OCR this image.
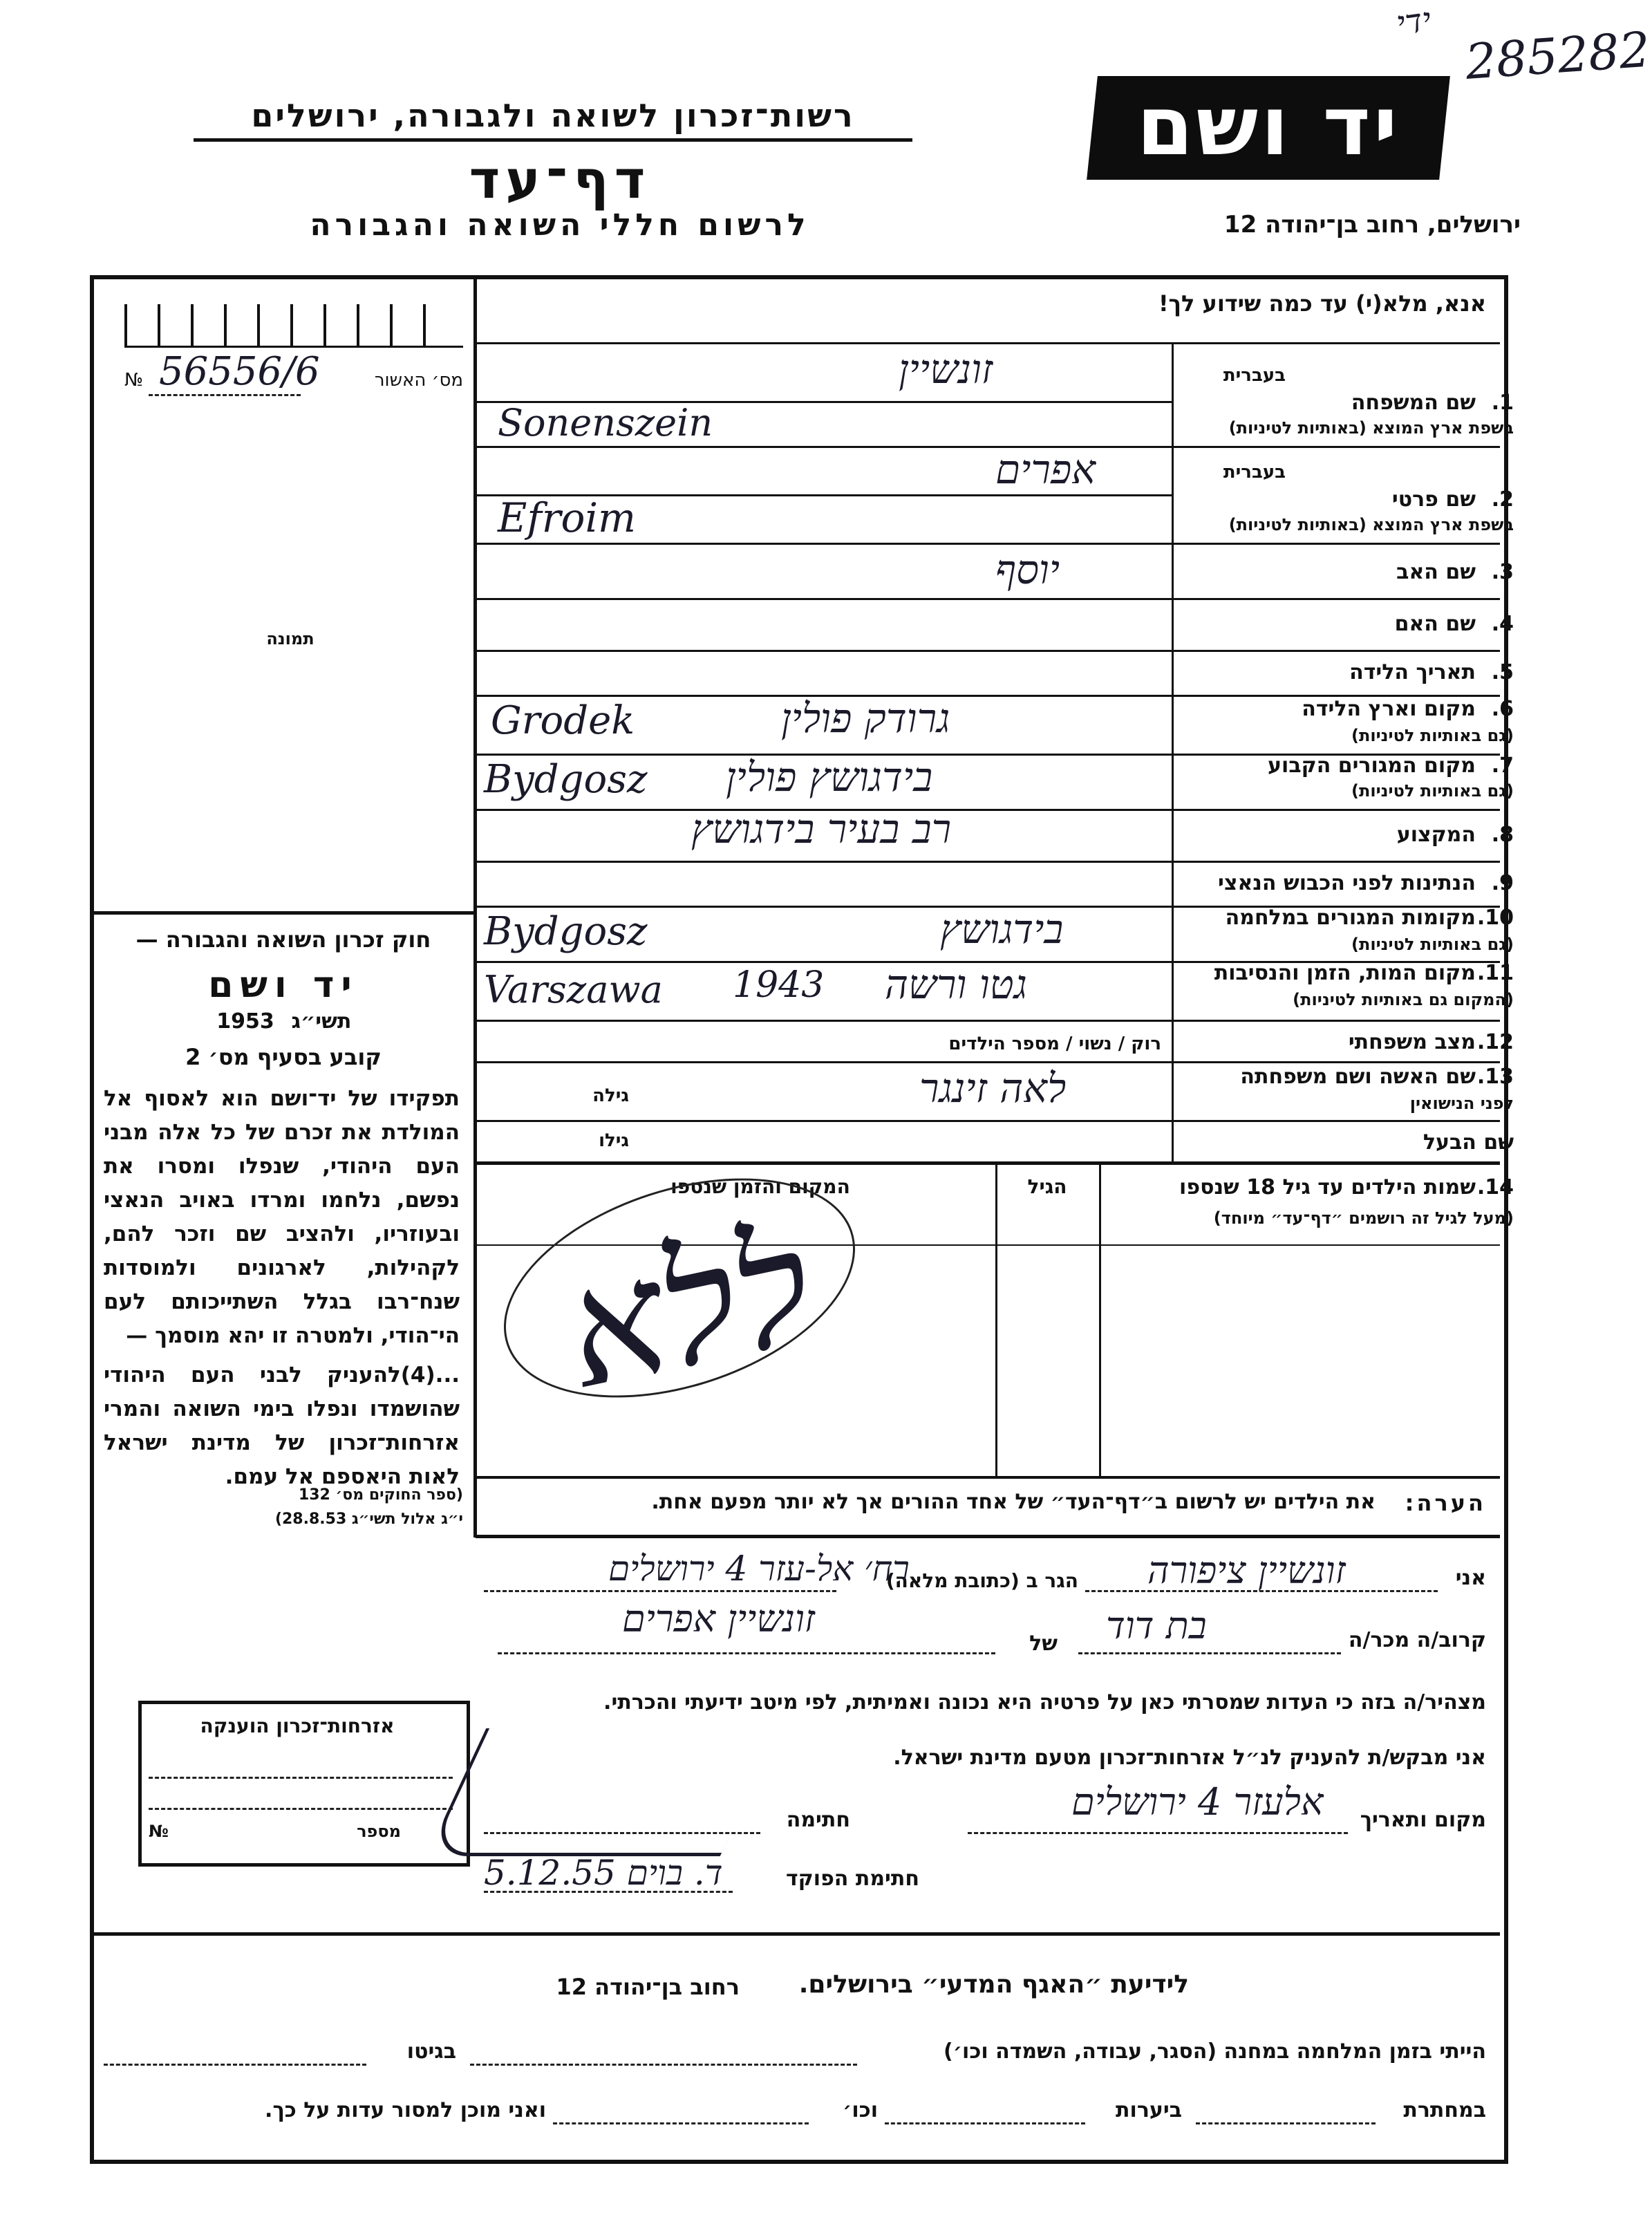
יד ושם
רשות־זכרון לשואה ולגבורה, ירושלים
דף־עד
לרשום חללי השואה והגבורה	ירושלים, רחוב בן־יהודה 12
ידי 285282
אנא, מלא(י) עד כמה שידוע לך!
מס׳ האשור
№ 56556/6
תמונה
חוק זכרון השואה והגבורה —
יד ושם
1953 תשי״ג
קובע בסעיף מס׳ 2
תפקידו של יד־ושם הוא לאסוף אל המולדת את זכרם של כל אלה מבני העם היהודי, שנפלו ומסרו את נפשם, נלחמו ומרדו באויב הנאצי ובעוזריו, ולהציב שם וזכר להם, לקהילות, לארגונים ולמוסדות שנח־רבו בגלל השתייכותם לעם הי־הודי, ולמטרה זו יהא מוסמך —
...(4)להעניק לבני העם היהודי שהושמדו ונפלו בימי השואה והמרי אזרחות־זכרון של מדינת ישראל לאות היאספם אל עמם.
(ספר החוקים מס׳ 132
י״ג אלול תשי״ג 28.8.53)
אזרחות־זכרון הוענקה
מספר
№
בעברית
1.
שם המשפחה
בשפת ארץ המוצא (באותיות לטיניות)
זונשיין
Sonenszein
בעברית
2.
שם פרטי
בשפת ארץ המוצא (באותיות לטיניות)
אפרים
Efroim
3.
שם האב
יוסף
4.
שם האם
5.
תאריך הלידה
6.
מקום וארץ הלידה
(גם באותיות לטיניות)
גרודק פולין
Grodek
7.
מקום המגורים הקבוע
(גם באותיות לטיניות)
בידגושץ פולין
Bydgosz
8.
המקצוע
רב בעיר בידגושץ
9.
הנתינות לפני הכבוש הנאצי
10.
מקומות המגורים במלחמה
(גם באותיות לטיניות)
בידגושץ
Bydgosz
11.
מקום המות, הזמן והנסיבות
(המקום גם באותיות לטיניות)
גטו ורשה
1943
Varszawa
12.
מצב משפחתי
רוק / נשוי / מספר הילדים
13.
שם האשה ושם משפחתה
לפני הנישואין
גילה	לאה זינגר
שם הבעל
גילו
14.
שמות הילדים עד גיל 18 שנספו
(מעל לגיל זה רושמים ״דף־עד״ מיוחד)
הגיל
המקום והזמן שנספו
ללא
הערה:
את הילדים יש לרשום ב״דף־העד״ של אחד ההורים אך לא יותר מפעם אחת.
אני
זונשיין ציפורה
הגר ב (כתובת מלאה)
רח׳ אל-עזר 4 ירושלים
קרוב/ה מכר/ה
בת דוד
של
זונשיין אפרים
מצהיר/ה בזה כי העדות שמסרתי כאן על פרטיה היא נכונה ואמיתית, לפי מיטב ידיעתי והכרתי.
אני מבקש/ת להעניק לנ״ל אזרחות־זכרון מטעם מדינת ישראל.
מקום ותאריך
אלעזר 4 ירושלים
חתימה
חתימת הפוקד
ד. בוים 5.12.55
לידיעת ״האגף המדעי״ בירושלים.
רחוב בן־יהודה 12
הייתי בזמן המלחמה במחנה (הסגר, עבודה, השמדה וכו׳)
בגיטו
במחתרת
ביערות
וכו׳
ואני מוכן למסור עדות על כך.
